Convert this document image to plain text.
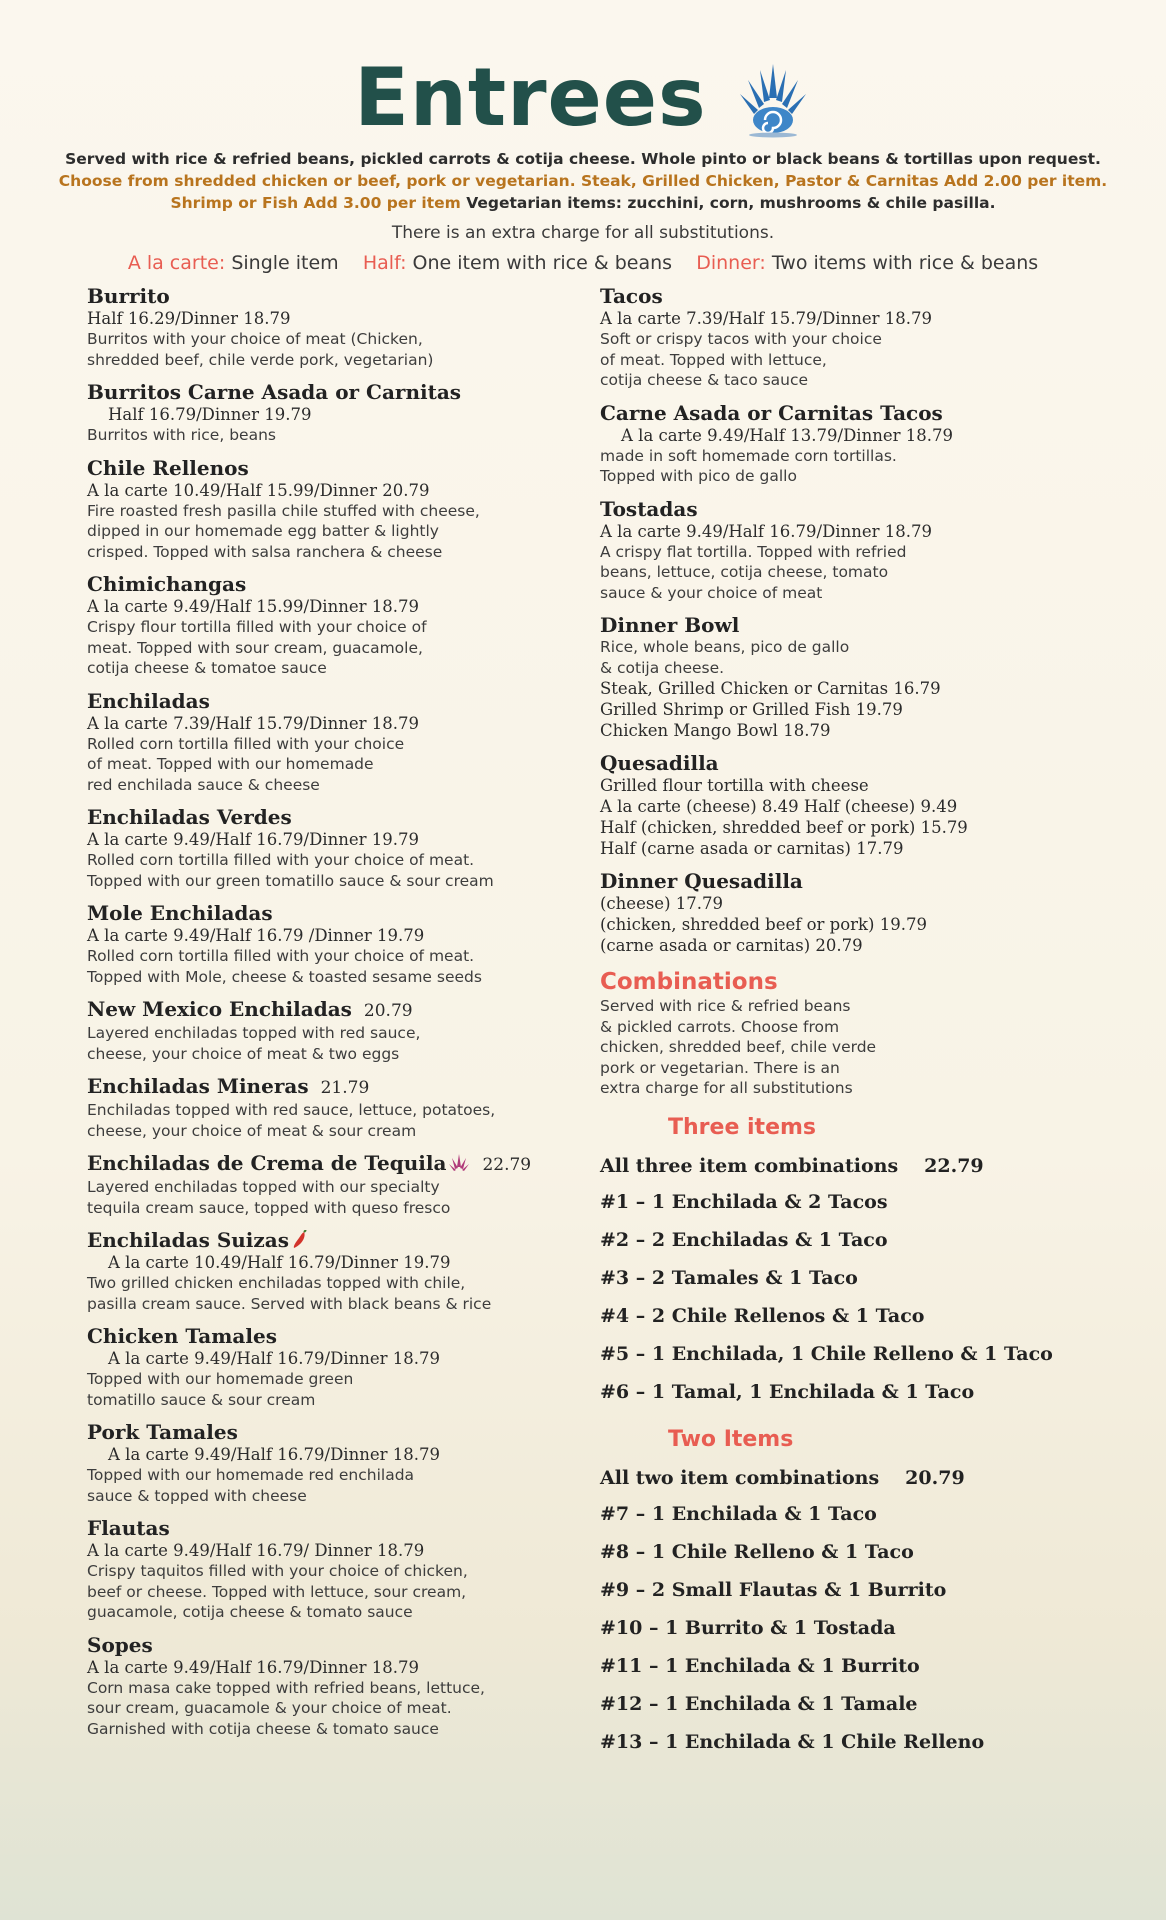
Entrees
Served with rice & refried beans, pickled carrots & cotija cheese. Whole pinto or black beans & tortillas upon request.
Choose from shredded chicken or beef, pork or vegetarian. Steak, Grilled Chicken, Pastor & Carnitas Add 2.00 per item.
Shrimp or Fish Add 3.00 per item Vegetarian items: zucchini, corn, mushrooms & chile pasilla.
There is an extra charge for all substitutions.
A la carte: Single item Half: One item with rice & beans Dinner: Two items with rice & beans
Burrito
Half 16.29/Dinner 18.79
Burritos with your choice of meat (Chicken,
shredded beef, chile verde pork, vegetarian)
Burritos Carne Asada or Carnitas
Half 16.79/Dinner 19.79
Burritos with rice, beans
Chile Rellenos
A la carte 10.49/Half 15.99/Dinner 20.79
Fire roasted fresh pasilla chile stuffed with cheese,
dipped in our homemade egg batter & lightly
crisped. Topped with salsa ranchera & cheese
Chimichangas
A la carte 9.49/Half 15.99/Dinner 18.79
Crispy flour tortilla filled with your choice of
meat. Topped with sour cream, guacamole,
cotija cheese & tomatoe sauce
Enchiladas
A la carte 7.39/Half 15.79/Dinner 18.79
Rolled corn tortilla filled with your choice
of meat. Topped with our homemade
red enchilada sauce & cheese
Enchiladas Verdes
A la carte 9.49/Half 16.79/Dinner 19.79
Rolled corn tortilla filled with your choice of meat.
Topped with our green tomatillo sauce & sour cream
Mole Enchiladas
A la carte 9.49/Half 16.79 /Dinner 19.79
Rolled corn tortilla filled with your choice of meat.
Topped with Mole, cheese & toasted sesame seeds
New Mexico Enchiladas 20.79
Layered enchiladas topped with red sauce,
cheese, your choice of meat & two eggs
Enchiladas Mineras 21.79
Enchiladas topped with red sauce, lettuce, potatoes,
cheese, your choice of meat & sour cream
Enchiladas de Crema de Tequila 22.79
Layered enchiladas topped with our specialty
tequila cream sauce, topped with queso fresco
Enchiladas Suizas
A la carte 10.49/Half 16.79/Dinner 19.79
Two grilled chicken enchiladas topped with chile,
pasilla cream sauce. Served with black beans & rice
Chicken Tamales
A la carte 9.49/Half 16.79/Dinner 18.79
Topped with our homemade green
tomatillo sauce & sour cream
Pork Tamales
A la carte 9.49/Half 16.79/Dinner 18.79
Topped with our homemade red enchilada
sauce & topped with cheese
Flautas
A la carte 9.49/Half 16.79/ Dinner 18.79
Crispy taquitos filled with your choice of chicken,
beef or cheese. Topped with lettuce, sour cream,
guacamole, cotija cheese & tomato sauce
Sopes
A la carte 9.49/Half 16.79/Dinner 18.79
Corn masa cake topped with refried beans, lettuce,
sour cream, guacamole & your choice of meat.
Garnished with cotija cheese & tomato sauce
Tacos
A la carte 7.39/Half 15.79/Dinner 18.79
Soft or crispy tacos with your choice
of meat. Topped with lettuce,
cotija cheese & taco sauce
Carne Asada or Carnitas Tacos
A la carte 9.49/Half 13.79/Dinner 18.79
made in soft homemade corn tortillas.
Topped with pico de gallo
Tostadas
A la carte 9.49/Half 16.79/Dinner 18.79
A crispy flat tortilla. Topped with refried
beans, lettuce, cotija cheese, tomato
sauce & your choice of meat
Dinner Bowl
Rice, whole beans, pico de gallo
& cotija cheese.
Steak, Grilled Chicken or Carnitas 16.79
Grilled Shrimp or Grilled Fish 19.79
Chicken Mango Bowl 18.79
Quesadilla
Grilled flour tortilla with cheese
A la carte (cheese) 8.49 Half (cheese) 9.49
Half (chicken, shredded beef or pork) 15.79
Half (carne asada or carnitas) 17.79
Dinner Quesadilla
(cheese) 17.79
(chicken, shredded beef or pork) 19.79
(carne asada or carnitas) 20.79
Combinations
Served with rice & refried beans
& pickled carrots. Choose from
chicken, shredded beef, chile verde
pork or vegetarian. There is an
extra charge for all substitutions
Three items
All three item combinations 22.79
#1 – 1 Enchilada & 2 Tacos
#2 – 2 Enchiladas & 1 Taco
#3 – 2 Tamales & 1 Taco
#4 – 2 Chile Rellenos & 1 Taco
#5 – 1 Enchilada, 1 Chile Relleno & 1 Taco
#6 – 1 Tamal, 1 Enchilada & 1 Taco
Two Items
All two item combinations 20.79
#7 – 1 Enchilada & 1 Taco
#8 – 1 Chile Relleno & 1 Taco
#9 – 2 Small Flautas & 1 Burrito
#10 – 1 Burrito & 1 Tostada
#11 – 1 Enchilada & 1 Burrito
#12 – 1 Enchilada & 1 Tamale
#13 – 1 Enchilada & 1 Chile Relleno
